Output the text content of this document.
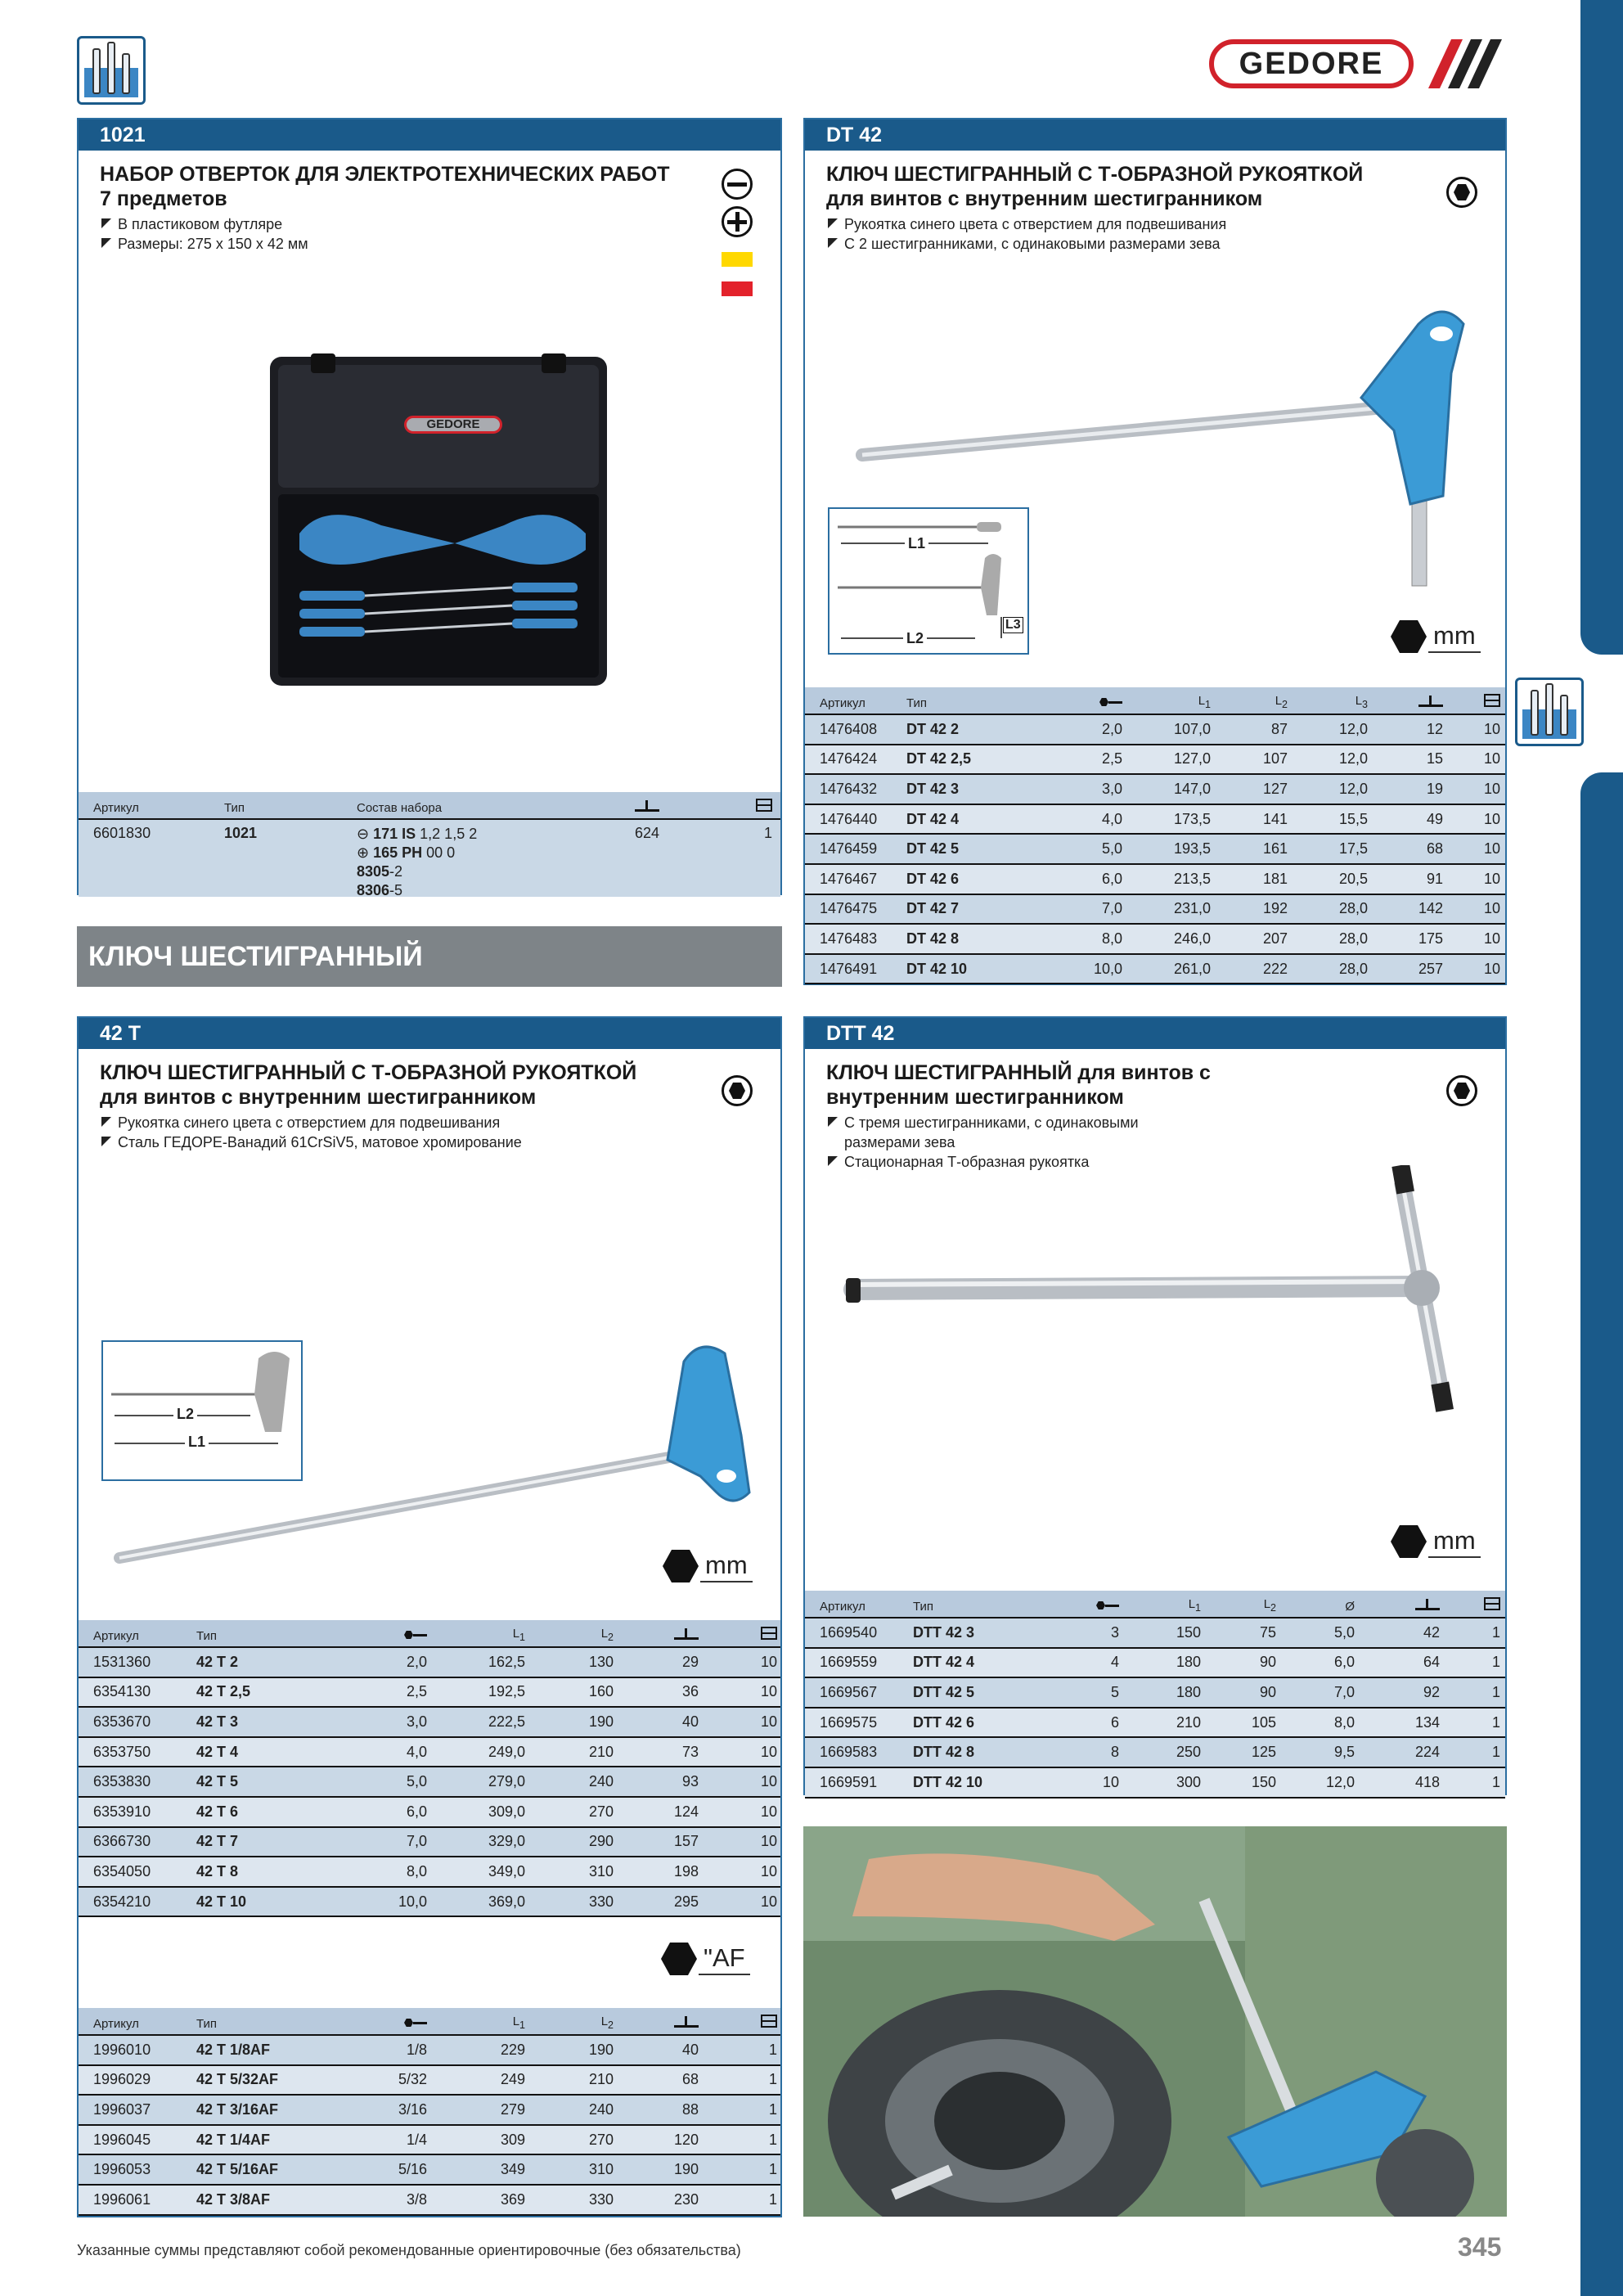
GEDORE
1021
НАБОР ОТВЕРТОК ДЛЯ ЭЛЕКТРОТЕХНИЧЕСКИХ РАБОТ
7 предметов
В пластиковом футляре
Размеры: 275 x 150 x 42 мм
GEDORE
Артикул	Тип	Состав набора
6601830	1021	⊖ 171 IS 1,2 1,5 2
⊕ 165 PH 00 0
8305-2
8306-5
624	1
КЛЮЧ ШЕСТИГРАННЫЙ
DT 42
КЛЮЧ ШЕСТИГРАННЫЙ С Т-ОБРАЗНОЙ РУКОЯТКОЙ
для винтов с внутренним шестигранником
Рукоятка синего цвета с отверстием для подвешивания
С 2 шестигранниками, с одинаковыми размерами зева
L1
L2
L3	mm
Артикул	Тип	$L_1$	$L_2$	$L_3$
1476408	DT 42 2	2,0	107,0	87	12,0	12	10
1476424	DT 42 2,5	2,5	127,0	107	12,0	15	10
1476432	DT 42 3	3,0	147,0	127	12,0	19	10
1476440	DT 42 4	4,0	173,5	141	15,5	49	10
1476459	DT 42 5	5,0	193,5	161	17,5	68	10
1476467	DT 42 6	6,0	213,5	181	20,5	91	10
1476475	DT 42 7	7,0	231,0	192	28,0	142	10
1476483	DT 42 8	8,0	246,0	207	28,0	175	10
1476491	DT 42 10	10,0	261,0	222	28,0	257	10
42 T
КЛЮЧ ШЕСТИГРАННЫЙ С Т-ОБРАЗНОЙ РУКОЯТКОЙ
для винтов с внутренним шестигранником
Рукоятка синего цвета с отверстием для подвешивания
Сталь ГЕДОРЕ-Ванадий 61CrSiV5, матовое хромирование
L2
L1
mm
Артикул	Тип	$L_1$	$L_2$
1531360	42 T 2	2,0	162,5	130	29	10
6354130	42 T 2,5	2,5	192,5	160	36	10
6353670	42 T 3	3,0	222,5	190	40	10
6353750	42 T 4	4,0	249,0	210	73	10
6353830	42 T 5	5,0	279,0	240	93	10
6353910	42 T 6	6,0	309,0	270	124	10
6366730	42 T 7	7,0	329,0	290	157	10
6354050	42 T 8	8,0	349,0	310	198	10
6354210	42 T 10	10,0	369,0	330	295	10
"AF
Артикул	Тип	$L_1$	$L_2$
1996010	42 T 1/8AF	1/8	229	190	40	1
1996029	42 T 5/32AF	5/32	249	210	68	1
1996037	42 T 3/16AF	3/16	279	240	88	1
1996045	42 T 1/4AF	1/4	309	270	120	1
1996053	42 T 5/16AF	5/16	349	310	190	1
1996061	42 T 3/8AF	3/8	369	330	230	1
DTT 42
КЛЮЧ ШЕСТИГРАННЫЙ для винтов с
внутренним шестигранником
С тремя шестигранниками, с одинаковыми размерами зева
Стационарная Т-образная рукоятка
mm
Артикул	Тип	$L_1$	$L_2$	Ø
1669540	DTT 42 3	3	150	75	5,0	42	1
1669559	DTT 42 4	4	180	90	6,0	64	1
1669567	DTT 42 5	5	180	90	7,0	92	1
1669575	DTT 42 6	6	210	105	8,0	134	1
1669583	DTT 42 8	8	250	125	9,5	224	1
1669591	DTT 42 10	10	300	150	12,0	418	1
Указанные суммы представляют собой рекомендованные ориентировочные (без обязательства)	345
